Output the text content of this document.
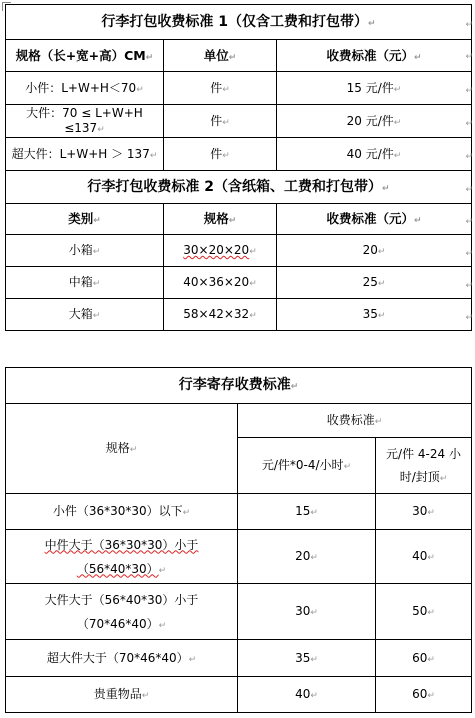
行李打包收费标准 1（仅含工费和打包带）↵		
规格（长+宽+高）CM↵	单位↵	收费标准（元）↵
小件：L+W+H＜70↵	件↵	15 元/件↵
大件：70 ≤ L+W+H ≤137↵	件↵	20 元/件↵
超大件：L+W+H ＞ 137↵	件↵	40 元/件↵
行李打包收费标准 2（含纸箱、工费和打包带）↵		
类别↵	规格↵	收费标准（元）↵
小箱↵	30×20×20↵	20↵
中箱↵	40×36×20↵	25↵
大箱↵	58×42×32↵	35↵
↵
↵
↵
↵
↵
↵
↵
↵
↵
↵
行李寄存收费标准↵		
规格↵	收费标准↵	
	元/件*0-4/小时↵	元/件 4-24 小时/封顶↵
小件（36*30*30）以下↵	15↵	30↵
中件大于（36*30*30）小于（56*40*30）↵	20↵	40↵
大件大于（56*40*30）小于（70*46*40）↵	30↵	50↵
超大件大于（70*46*40）↵	35↵	60↵
贵重物品↵	40↵	60↵
